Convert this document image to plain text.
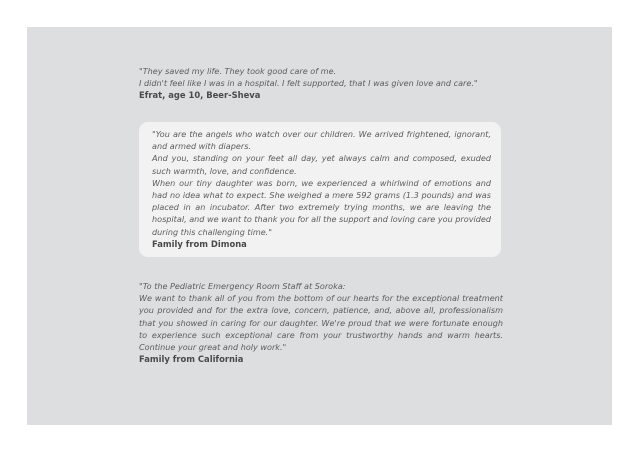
"They saved my life. They took good care of me.

I didn't feel like I was in a hospital. I felt supported, that I was given love and care."

Efrat, age 10, Beer-Sheva

"You are the angels who watch over our children. We arrived frightened, ignorant, and armed with diapers.

And you, standing on your feet all day, yet always calm and composed, exuded such warmth, love, and confidence.

When our tiny daughter was born, we experienced a whirlwind of emotions and had no idea what to expect. She weighed a mere 592 grams (1.3 pounds) and was placed in an incubator. After two extremely trying months, we are leaving the hospital, and we want to thank you for all the support and loving care you provided during this challenging time."

Family from Dimona

"To the Pediatric Emergency Room Staff at Soroka:

We want to thank all of you from the bottom of our hearts for the exceptional treatment you provided and for the extra love, concern, patience, and, above all, professionalism that you showed in caring for our daughter. We're proud that we were fortunate enough to experience such exceptional care from your trustworthy hands and warm hearts. Continue your great and holy work."

Family from California
